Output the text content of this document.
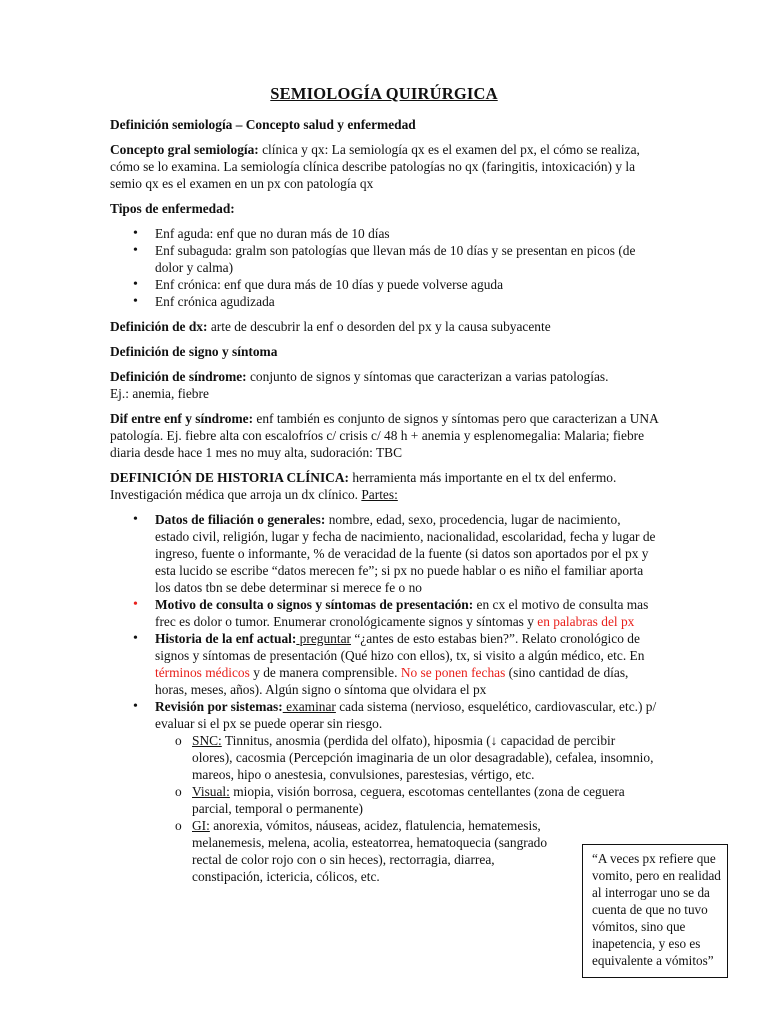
SEMIOLOGÍA QUIRÚRGICA

Definición semiología – Concepto salud y enfermedad

Concepto gral semiología: clínica y qx: La semiología qx es el examen del px, el cómo se realiza, cómo se lo examina. La semiología clínica describe patologías no qx (faringitis, intoxicación) y la semio qx es el examen en un px con patología qx

Tipos de enfermedad:

• Enf aguda: enf que no duran más de 10 días
• Enf subaguda: gralm son patologías que llevan más de 10 días y se presentan en picos (de dolor y calma)
• Enf crónica: enf que dura más de 10 días y puede volverse aguda
• Enf crónica agudizada

Definición de dx: arte de descubrir la enf o desorden del px y la causa subyacente

Definición de signo y síntoma

Definición de síndrome: conjunto de signos y síntomas que caracterizan a varias patologías.
Ej.: anemia, fiebre

Dif entre enf y síndrome: enf también es conjunto de signos y síntomas pero que caracterizan a UNA patología. Ej. fiebre alta con escalofríos c/ crisis c/ 48 h + anemia y esplenomegalia: Malaria; fiebre diaria desde hace 1 mes no muy alta, sudoración: TBC

DEFINICIÓN DE HISTORIA CLÍNICA: herramienta más importante en el tx del enfermo. Investigación médica que arroja un dx clínico. Partes:

• Datos de filiación o generales: nombre, edad, sexo, procedencia, lugar de nacimiento, estado civil, religión, lugar y fecha de nacimiento, nacionalidad, escolaridad, fecha y lugar de ingreso, fuente o informante, % de veracidad de la fuente (si datos son aportados por el px y esta lucido se escribe “datos merecen fe”; si px no puede hablar o es niño el familiar aporta los datos tbn se debe determinar si merece fe o no
• Motivo de consulta o signos y síntomas de presentación: en cx el motivo de consulta mas frec es dolor o tumor. Enumerar cronológicamente signos y síntomas y en palabras del px
• Historia de la enf actual: preguntar “¿antes de esto estabas bien?”. Relato cronológico de signos y síntomas de presentación (Qué hizo con ellos), tx, si visito a algún médico, etc. En términos médicos y de manera comprensible. No se ponen fechas (sino cantidad de días, horas, meses, años). Algún signo o síntoma que olvidara el px
• Revisión por sistemas: examinar cada sistema (nervioso, esquelético, cardiovascular, etc.) p/ evaluar si el px se puede operar sin riesgo.
o SNC: Tinnitus, anosmia (perdida del olfato), hiposmia (↓ capacidad de percibir olores), cacosmia (Percepción imaginaria de un olor desagradable), cefalea, insomnio, mareos, hipo o anestesia, convulsiones, parestesias, vértigo, etc.
o Visual: miopia, visión borrosa, ceguera, escotomas centellantes (zona de ceguera parcial, temporal o permanente)
o GI: anorexia, vómitos, náuseas, acidez, flatulencia, hematemesis, melanemesis, melena, acolia, esteatorrea, hematoquecia (sangrado rectal de color rojo con o sin heces), rectorragia, diarrea, constipación, ictericia, cólicos, etc.
“A veces px refiere que vomito, pero en realidad al interrogar uno se da cuenta de que no tuvo vómitos, sino que inapetencia, y eso es equivalente a vómitos”
